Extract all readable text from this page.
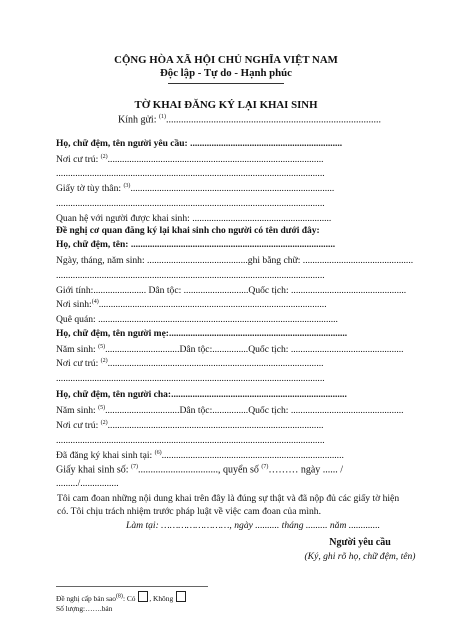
CỘNG HÒA XÃ HỘI CHỦ NGHĨA VIỆT NAM
Độc lập - Tự do - Hạnh phúc
TỜ KHAI ĐĂNG KÝ LẠI KHAI SINH
Kính gửi: $^{(1)}$......................................................................................
Họ, chữ đệm, tên người yêu cầu: ................................................................
Nơi cư trú: $^{(2)}$..........................................................................................
................................................................................................................
Giấy tờ tùy thân: $^{(3)}$.....................................................................................
................................................................................................................
Quan hệ với người được khai sinh: ..........................................................
Đề nghị cơ quan đăng ký lại khai sinh cho người có tên dưới đây:
Họ, chữ đệm, tên: ......................................................................................
Ngày, tháng, năm sinh: ..........................................ghi bằng chữ: ..............................................
................................................................................................................
Giới tính:...................... Dân tộc: ...........................Quốc tịch: ................................................
Nơi sinh:$^{(4)}$...............................................................................................
Quê quán: ....................................................................................................
Họ, chữ đệm, tên người mẹ:...........................................................................
Năm sinh: $^{(5)}$...............................Dân tộc:...............Quốc tịch: ...............................................
Nơi cư trú: $^{(2)}$..........................................................................................
................................................................................................................
Họ, chữ đệm, tên người cha:..........................................................................
Năm sinh: $^{(5)}$...............................Dân tộc:...............Quốc tịch: ...............................................
Nơi cư trú: $^{(2)}$..........................................................................................
................................................................................................................
Đã đăng ký khai sinh tại: $^{(6)}$............................................................................
Giấy khai sinh số: $^{(7)}$................................, quyển số $^{(7)}$……… ngày ...... /
........./................
Tôi cam đoan những nội dung khai trên đây là đúng sự thật và đã nộp đủ các giấy tờ hiện có. Tôi chịu trách nhiệm trước pháp luật về việc cam đoan của mình.
Làm tại: ……………………, ngày .......... tháng ......... năm .............
Người yêu cầu
(Ký, ghi rõ họ, chữ đệm, tên)
Đề nghị cấp bản sao$^{(8)}$: Có , Không
Số lượng:…….bản
